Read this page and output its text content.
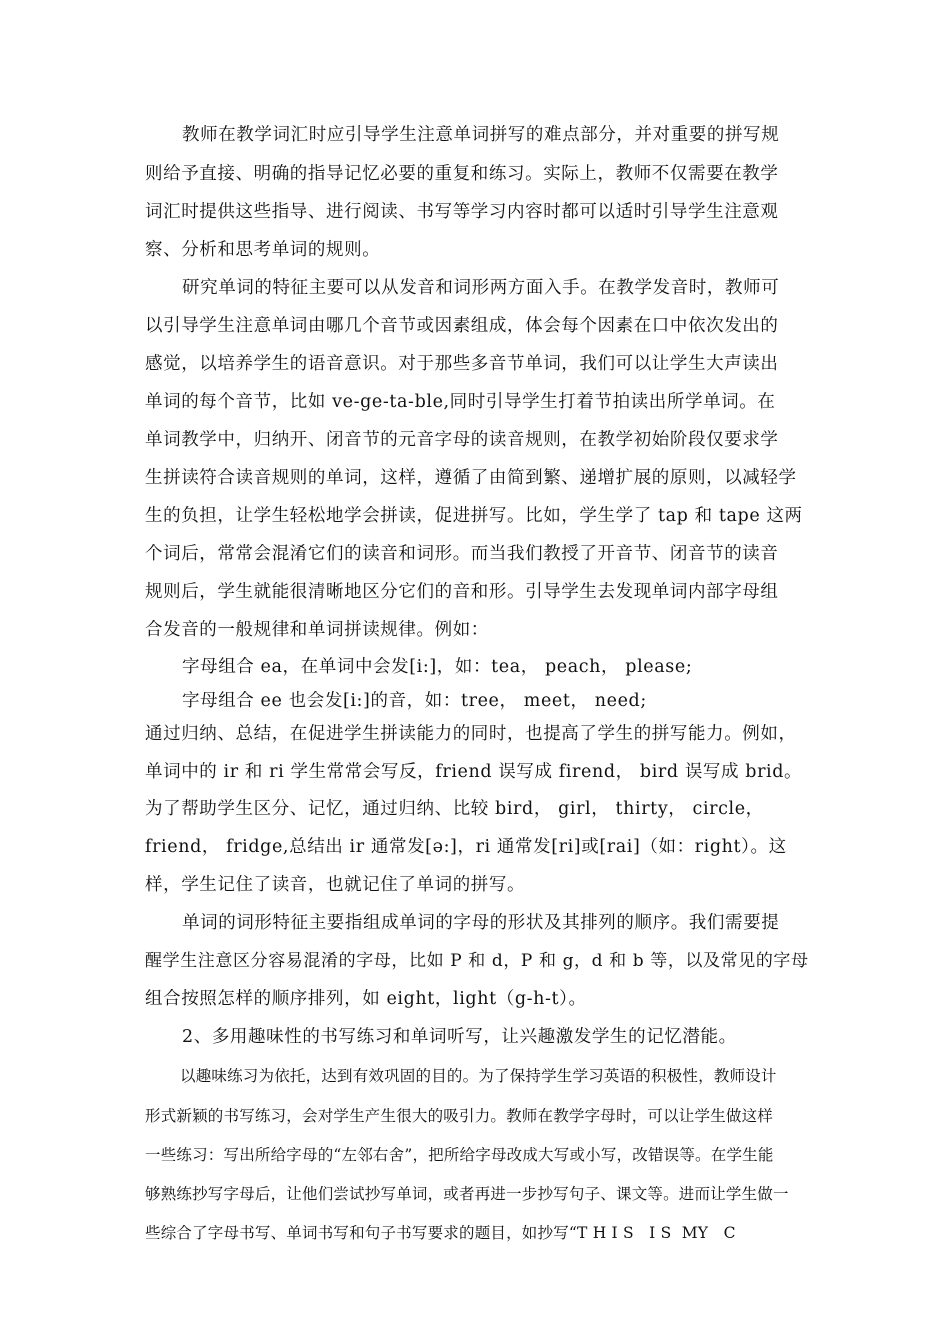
教师在教学词汇时应引导学生注意单词拼写的难点部分，并对重要的拼写规
则给予直接、明确的指导记忆必要的重复和练习。实际上，教师不仅需要在教学
词汇时提供这些指导、进行阅读、书写等学习内容时都可以适时引导学生注意观
察、分析和思考单词的规则。
研究单词的特征主要可以从发音和词形两方面入手。在教学发音时，教师可
以引导学生注意单词由哪几个音节或因素组成，体会每个因素在口中依次发出的
感觉，以培养学生的语音意识。对于那些多音节单词，我们可以让学生大声读出
单词的每个音节，比如 ve-ge-ta-ble,同时引导学生打着节拍读出所学单词。在
单词教学中，归纳开、闭音节的元音字母的读音规则，在教学初始阶段仅要求学
生拼读符合读音规则的单词，这样，遵循了由简到繁、递增扩展的原则，以减轻学
生的负担，让学生轻松地学会拼读，促进拼写。比如，学生学了 tap 和 tape 这两
个词后，常常会混淆它们的读音和词形。而当我们教授了开音节、闭音节的读音
规则后，学生就能很清晰地区分它们的音和形。引导学生去发现单词内部字母组
合发音的一般规律和单词拼读规律。例如：
字母组合 ea，在单词中会发[i:]，如：tea， peach， please;
字母组合 ee 也会发[i:]的音，如：tree， meet， need;
通过归纳、总结，在促进学生拼读能力的同时，也提高了学生的拼写能力。例如，
单词中的 ir 和 ri 学生常常会写反，friend 误写成 firend， bird 误写成 brid。
为了帮助学生区分、记忆，通过归纳、比较 bird， girl， thirty， circle，
friend， fridge,总结出 ir 通常发[ə:]，ri 通常发[ri]或[rai]（如：right）。这
样，学生记住了读音，也就记住了单词的拼写。
单词的词形特征主要指组成单词的字母的形状及其排列的顺序。我们需要提
醒学生注意区分容易混淆的字母，比如 P 和 d，P 和 g，d 和 b 等，以及常见的字母
组合按照怎样的顺序排列，如 eight，light（g-h-t）。
2、多用趣味性的书写练习和单词听写，让兴趣激发学生的记忆潜能。
以趣味练习为依托，达到有效巩固的目的。为了保持学生学习英语的积极性，教师设计
形式新颖的书写练习，会对学生产生很大的吸引力。教师在教学字母时，可以让学生做这样
一些练习：写出所给字母的“左邻右舍”，把所给字母改成大写或小写，改错误等。在学生能
够熟练抄写字母后，让他们尝试抄写单词，或者再进一步抄写句子、课文等。进而让学生做一
些综合了字母书写、单词书写和句子书写要求的题目，如抄写“T H I S   I S  MY   C
